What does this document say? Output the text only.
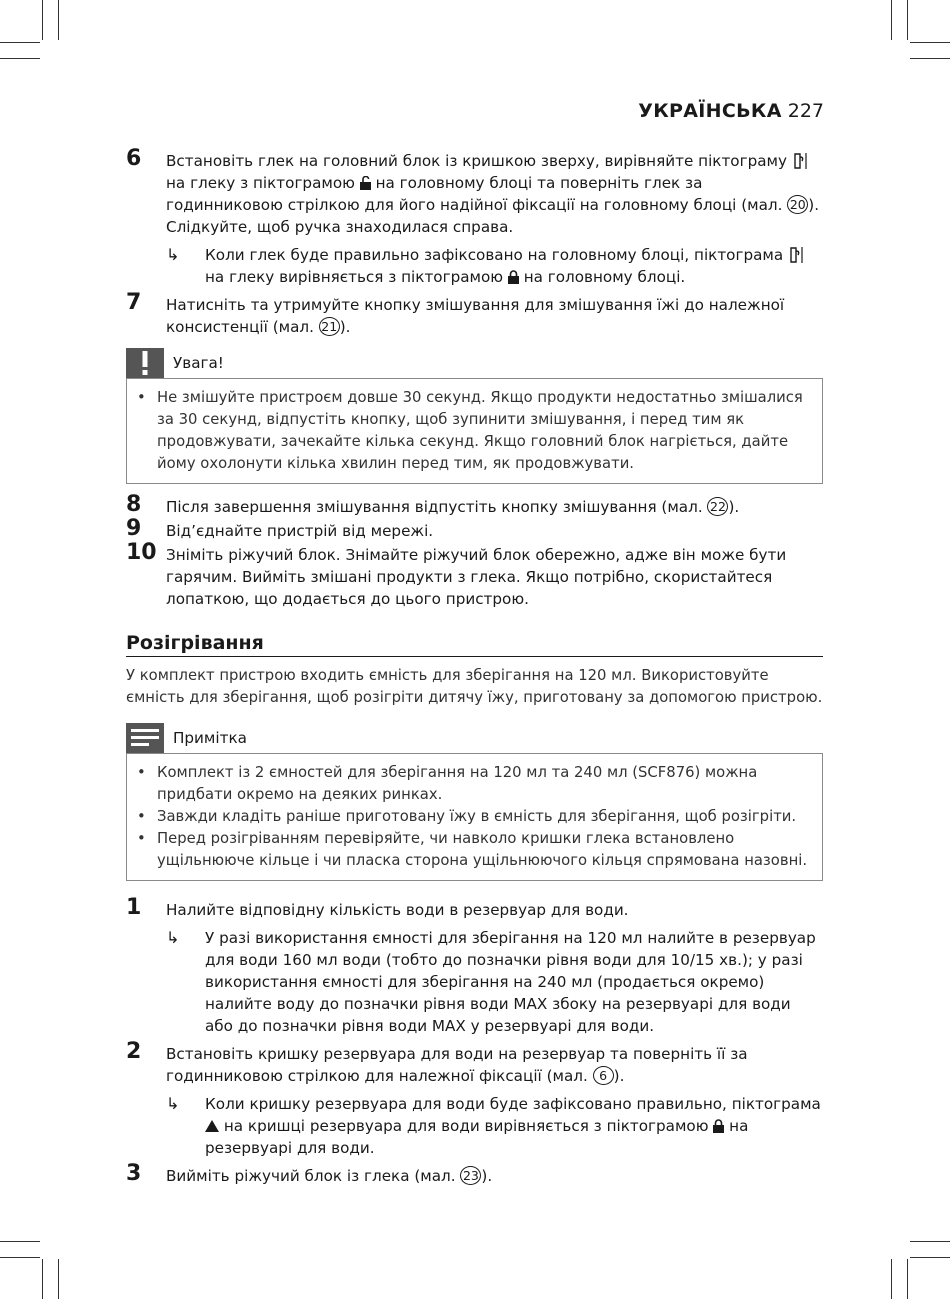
УКРАЇНСЬКА 227
6 Встановіть глек на головний блок із кришкою зверху, вирівняйте піктограму  на глеку з піктограмою  на головному блоці та поверніть глек за годинниковою стрілкою для його надійної фіксації на головному блоці (мал. 20 ). Слідкуйте, щоб ручка знаходилася справа.
↳ Коли глек буде правильно зафіксовано на головному блоці, піктограма  на глеку вирівняється з піктограмою  на головному блоці.
7 Натисніть та утримуйте кнопку змішування для змішування їжі до належної консистенції (мал. 21 ).
Увага!
• Не змішуйте пристроєм довше 30 секунд. Якщо продукти недостатньо змішалися за 30 секунд, відпустіть кнопку, щоб зупинити змішування, і перед тим як продовжувати, зачекайте кілька секунд. Якщо головний блок нагріється, дайте йому охолонути кілька хвилин перед тим, як продовжувати.
8 Після завершення змішування відпустіть кнопку змішування (мал. 22 ).
9 Від’єднайте пристрій від мережі.
10 Зніміть ріжучий блок. Знімайте ріжучий блок обережно, адже він може бути гарячим. Вийміть змішані продукти з глека. Якщо потрібно, скористайтеся лопаткою, що додається до цього пристрою.
Розігрівання
У комплект пристрою входить ємність для зберігання на 120 мл. Використовуйте ємність для зберігання, щоб розігріти дитячу їжу, приготовану за допомогою пристрою.
Примітка
• Комплект із 2 ємностей для зберігання на 120 мл та 240 мл (SCF876) можна придбати окремо на деяких ринках.
• Завжди кладіть раніше приготовану їжу в ємність для зберігання, щоб розігріти.
• Перед розігріванням перевіряйте, чи навколо кришки глека встановлено ущільнююче кільце і чи пласка сторона ущільнюючого кільця спрямована назовні.
1 Налийте відповідну кількість води в резервуар для води.
↳ У разі використання ємності для зберігання на 120 мл налийте в резервуар для води 160 мл води (тобто до позначки рівня води для 10/15 хв.); у разі використання ємності для зберігання на 240 мл (продається окремо) налийте воду до позначки рівня води MAX збоку на резервуарі для води або до позначки рівня води MAX у резервуарі для води.
2 Встановіть кришку резервуара для води на резервуар та поверніть її за годинниковою стрілкою для належної фіксації (мал. 6 ).
↳ Коли кришку резервуара для води буде зафіксовано правильно, піктограма  на кришці резервуара для води вирівняється з піктограмою  на резервуарі для води.
3 Вийміть ріжучий блок із глека (мал. 23 ).
